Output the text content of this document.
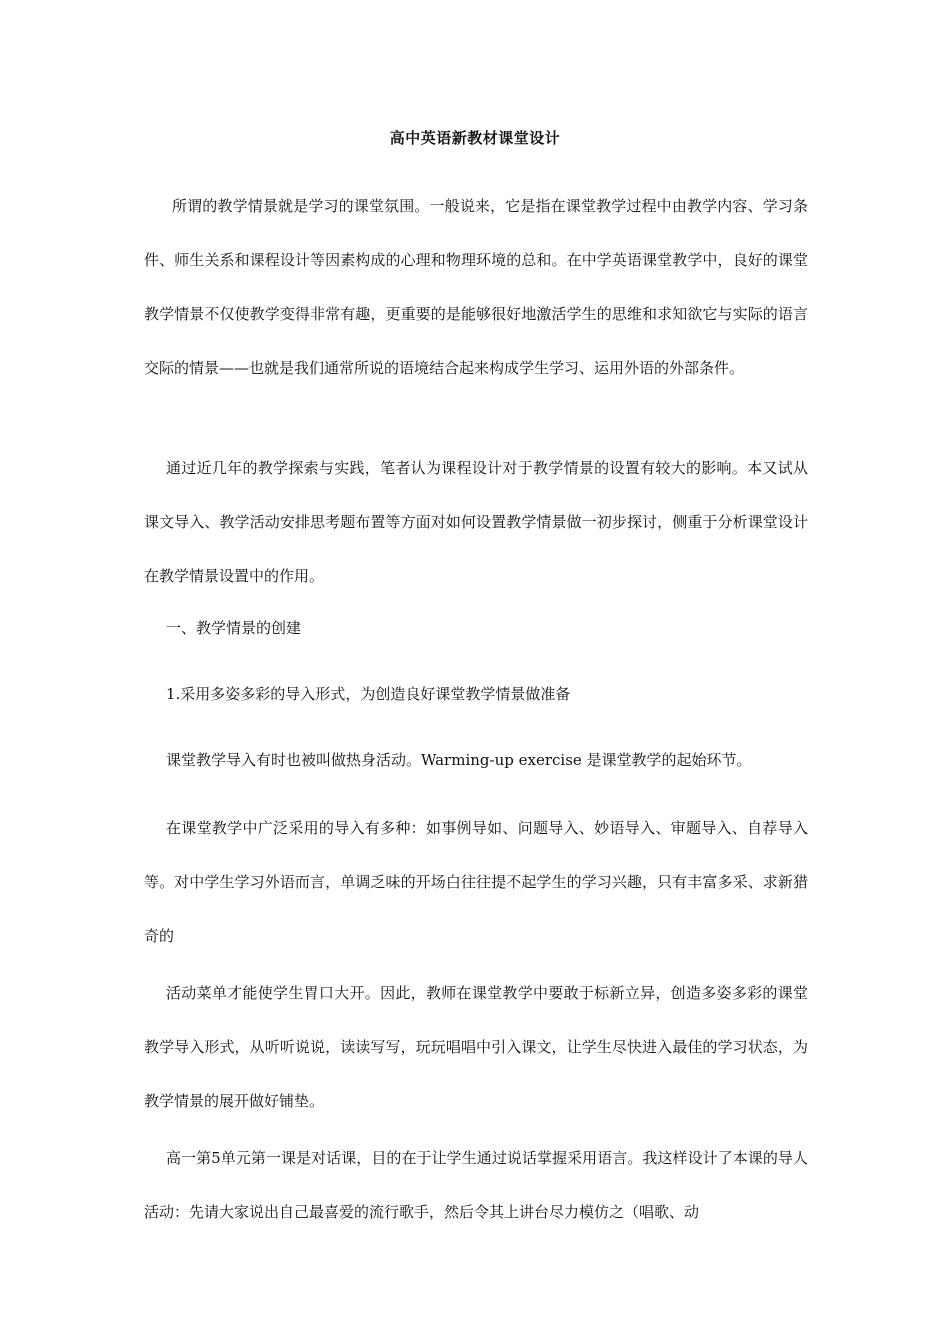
高中英语新教材课堂设计

所谓的教学情景就是学习的课堂氛围。一般说来，它是指在课堂教学过程中由教学内容、学习条件、师生关系和课程设计等因素构成的心理和物理环境的总和。在中学英语课堂教学中，良好的课堂教学情景不仅使教学变得非常有趣，更重要的是能够很好地激活学生的思维和求知欲它与实际的语言交际的情景——也就是我们通常所说的语境结合起来构成学生学习、运用外语的外部条件。

通过近几年的教学探索与实践，笔者认为课程设计对于教学情景的设置有较大的影响。本又试从课文导入、教学活动安排思考题布置等方面对如何设置教学情景做一初步探讨，侧重于分析课堂设计在教学情景设置中的作用。

一、教学情景的创建

1.采用多姿多彩的导入形式，为创造良好课堂教学情景做准备

课堂教学导入有时也被叫做热身活动。Warming-up exercise 是课堂教学的起始环节。

在课堂教学中广泛采用的导入有多种：如事例导如、问题导入、妙语导入、审题导入、自荐导入等。对中学生学习外语而言，单调乏味的开场白往往提不起学生的学习兴趣，只有丰富多采、求新猎奇的

活动菜单才能使学生胃口大开。因此，教师在课堂教学中要敢于标新立异，创造多姿多彩的课堂教学导入形式，从听听说说，读读写写，玩玩唱唱中引入课文，让学生尽快进入最佳的学习状态，为教学情景的展开做好铺垫。

高一第5单元第一课是对话课，目的在于让学生通过说话掌握采用语言。我这样设计了本课的导人活动：先请大家说出自己最喜爱的流行歌手，然后令其上讲台尽力模仿之（唱歌、动
